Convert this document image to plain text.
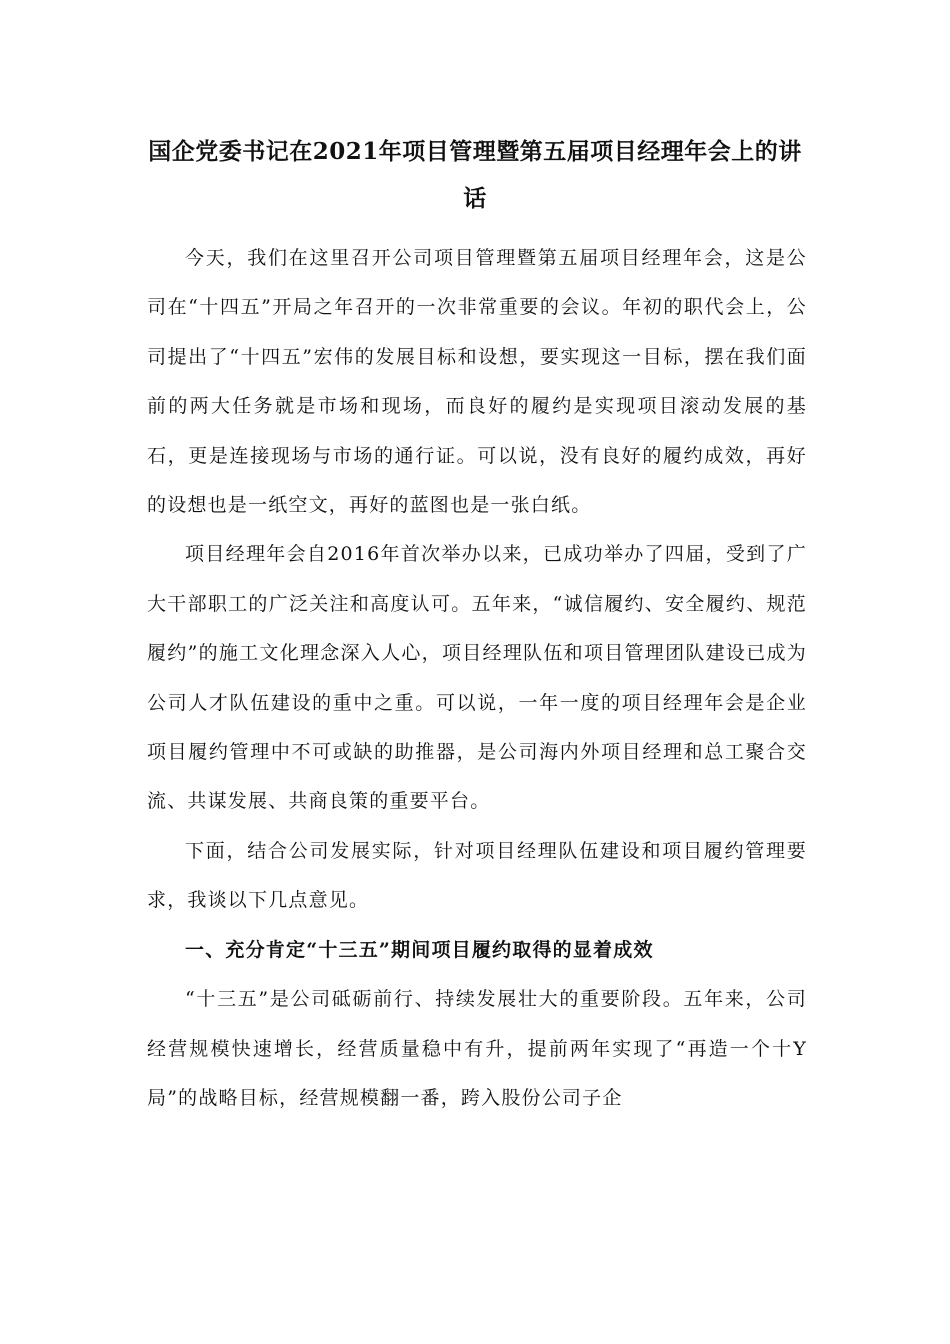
国企党委书记在2021年项目管理暨第五届项目经理年会上的讲话

今天，我们在这里召开公司项目管理暨第五届项目经理年会，这是公司在“十四五”开局之年召开的一次非常重要的会议。年初的职代会上，公司提出了“十四五”宏伟的发展目标和设想，要实现这一目标，摆在我们面前的两大任务就是市场和现场，而良好的履约是实现项目滚动发展的基石，更是连接现场与市场的通行证。可以说，没有良好的履约成效，再好的设想也是一纸空文，再好的蓝图也是一张白纸。

项目经理年会自2016年首次举办以来，已成功举办了四届，受到了广大干部职工的广泛关注和高度认可。五年来，“诚信履约、安全履约、规范履约”的施工文化理念深入人心，项目经理队伍和项目管理团队建设已成为公司人才队伍建设的重中之重。可以说，一年一度的项目经理年会是企业项目履约管理中不可或缺的助推器，是公司海内外项目经理和总工聚合交流、共谋发展、共商良策的重要平台。

下面，结合公司发展实际，针对项目经理队伍建设和项目履约管理要求，我谈以下几点意见。

一、充分肯定“十三五”期间项目履约取得的显着成效

“十三五”是公司砥砺前行、持续发展壮大的重要阶段。五年来，公司经营规模快速增长，经营质量稳中有升，提前两年实现了“再造一个十Y局”的战略目标，经营规模翻一番，跨入股份公司子企
